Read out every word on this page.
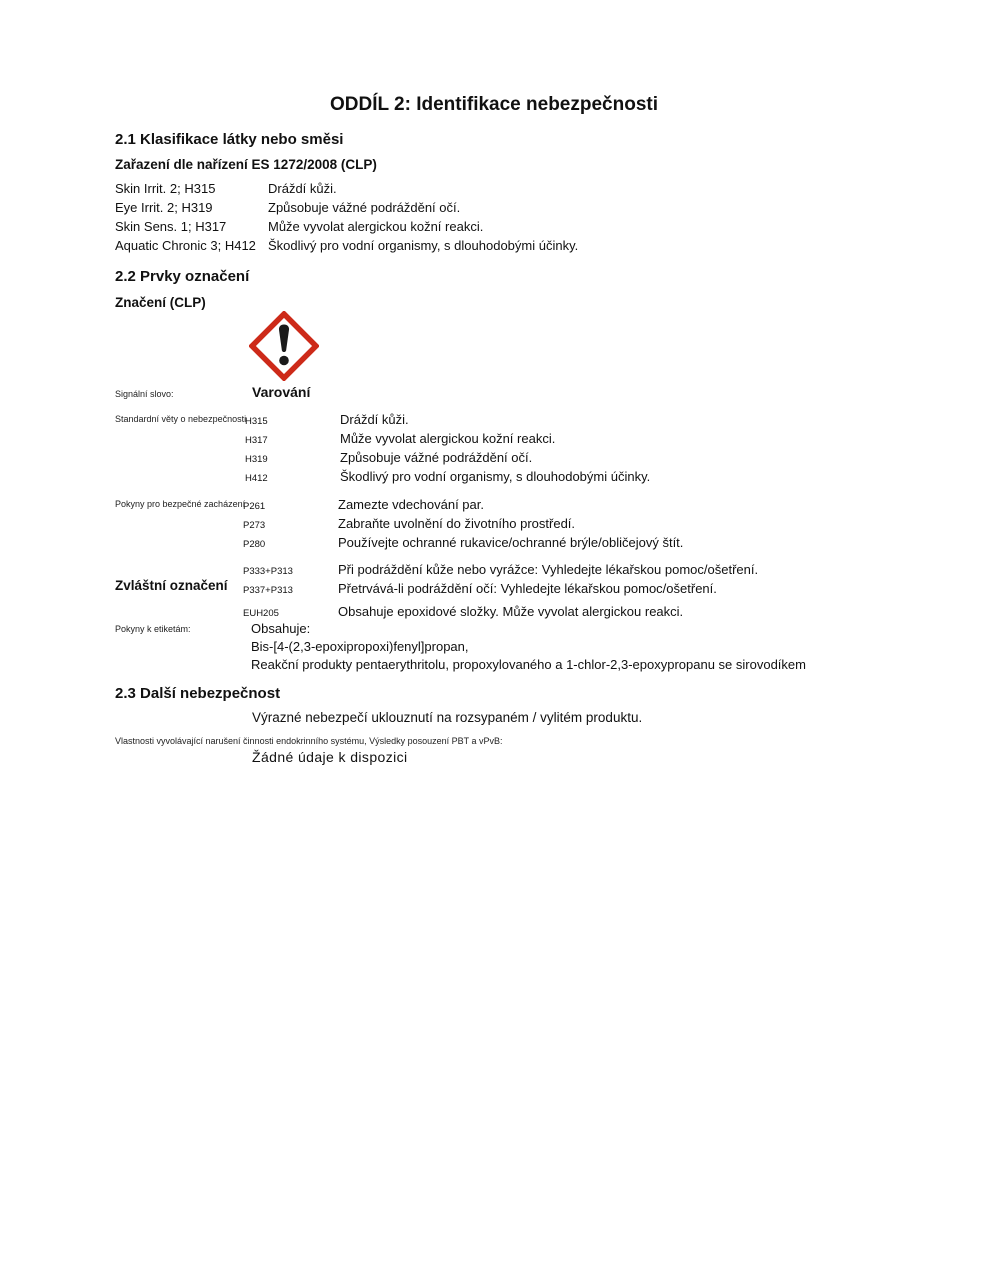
ODDÍL 2: Identifikace nebezpečnosti
2.1 Klasifikace látky nebo směsi
Zařazení dle nařízení ES 1272/2008 (CLP)
Skin Irrit. 2; H315	Dráždí kůži.
Eye Irrit. 2; H319	Způsobuje vážné podráždění očí.
Skin Sens. 1; H317	Může vyvolat alergickou kožní reakci.
Aquatic Chronic 3; H412 Škodlivý pro vodní organismy, s dlouhodobými účinky.
2.2 Prvky označení
Značení (CLP)
Signální slovo:	Varování
Standardní věty o nebezpečnosti
H315	Dráždí kůži.
H317	Může vyvolat alergickou kožní reakci.
H319	Způsobuje vážné podráždění očí.
H412	Škodlivý pro vodní organismy, s dlouhodobými účinky.
Pokyny pro bezpečné zacházení
P261	Zamezte vdechování par.
P273	Zabraňte uvolnění do životního prostředí.
P280	Používejte ochranné rukavice/ochranné brýle/obličejový štít.
Zvláštní označení
P333+P313	Při podráždění kůže nebo vyrážce: Vyhledejte lékařskou pomoc/ošetření.
P337+P313	Přetrvává-li podráždění očí: Vyhledejte lékařskou pomoc/ošetření.
EUH205	Obsahuje epoxidové složky. Může vyvolat alergickou reakci.
Pokyny k etiketám:	Obsahuje:
Bis-[4-(2,3-epoxipropoxi)fenyl]propan,
Reakční produkty pentaerythritolu, propoxylovaného a 1-chlor-2,3-epoxypropanu se sirovodíkem
2.3 Další nebezpečnost
Výrazné nebezpečí uklouznutí na rozsypaném / vylitém produktu.
Vlastnosti vyvolávající narušení činnosti endokrinního systému, Výsledky posouzení PBT a vPvB:
Žádné údaje k dispozici
